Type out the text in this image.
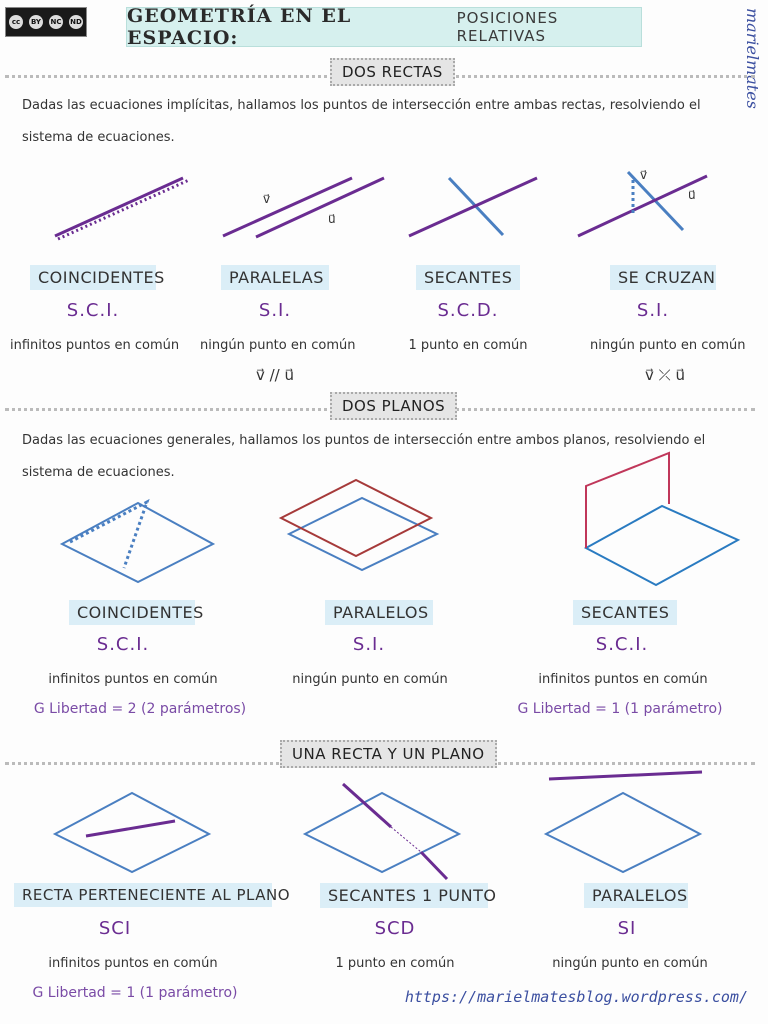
cc	BY NC ND GEOMETRÍA EN EL ESPACIO:
POSICIONES RELATIVAS	marielmates
DOS RECTAS
Dadas las ecuaciones implícitas, hallamos los puntos de intersección entre ambas rectas, resolviendo el sistema de ecuaciones.
v⃗
u⃗
v⃗
u⃗
COINCIDENTES
S.C.I.
infinitos puntos en común
PARALELAS
S.I.
ningún punto en común
v⃗ // u⃗
SECANTES
S.C.D.
1 punto en común
SE CRUZAN
S.I.
ningún punto en común
v⃗ ⤫ u⃗
DOS PLANOS
Dadas las ecuaciones generales, hallamos los puntos de intersección entre ambos planos, resolviendo el sistema de ecuaciones.
COINCIDENTES
S.C.I.
infinitos puntos en común
G Libertad = 2 (2 parámetros)
PARALELOS
S.I.
ningún punto en común
SECANTES
S.C.I.
infinitos puntos en común
G Libertad = 1 (1 parámetro)
UNA RECTA Y UN PLANO
RECTA PERTENECIENTE AL PLANO
SCI
infinitos puntos en común
G Libertad = 1 (1 parámetro)
SECANTES 1 PUNTO
SCD
1 punto en común
PARALELOS
SI
ningún punto en común
https://marielmatesblog.wordpress.com/
